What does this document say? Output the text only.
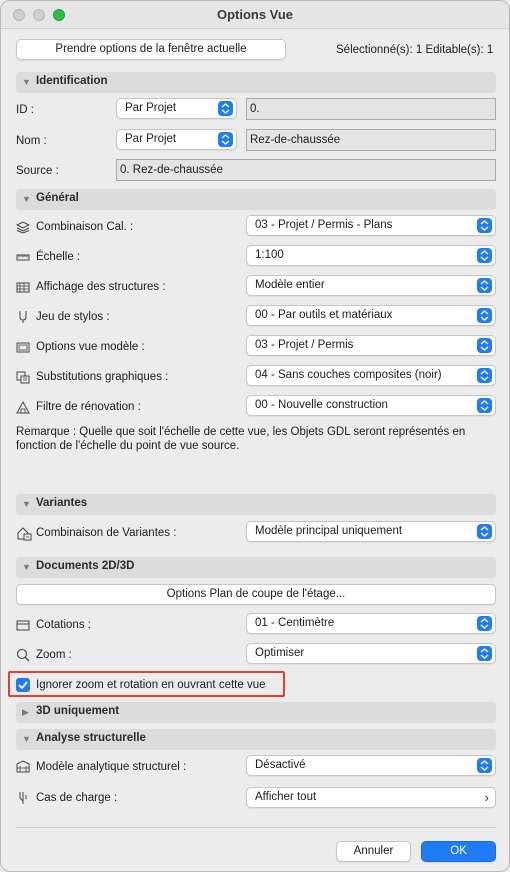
Options Vue
Prendre options de la fenêtre actuelle	Sélectionné(s): 1 Editable(s): 1
▼ Identification
ID :	Par Projet	0.
Nom :	Par Projet	Rez-de-chaussée
Source :	0. Rez-de-chaussée
▼ Général
Combinaison Cal. :	03 - Projet / Permis - Plans
Échelle :	1:100
Affichage des structures :	Modèle entier
Jeu de stylos :	00 - Par outils et matériaux
Options vue modèle :	03 - Projet / Permis
Substitutions graphiques :	04 - Sans couches composites (noir)
Filtre de rénovation :	00 - Nouvelle construction
Remarque : Quelle que soit l'échelle de cette vue, les Objets GDL seront représentés en fonction de l'échelle du point de vue source.
▼ Variantes
Combinaison de Variantes :	Modèle principal uniquement
▼ Documents 2D/3D
Options Plan de coupe de l'étage...
Cotations :	01 - Centimètre
Zoom :	Optimiser
Ignorer zoom et rotation en ouvrant cette vue
▶ 3D uniquement
▼ Analyse structurelle
Modèle analytique structurel :	Désactivé
Cas de charge :	Afficher tout	›
Annuler	OK
